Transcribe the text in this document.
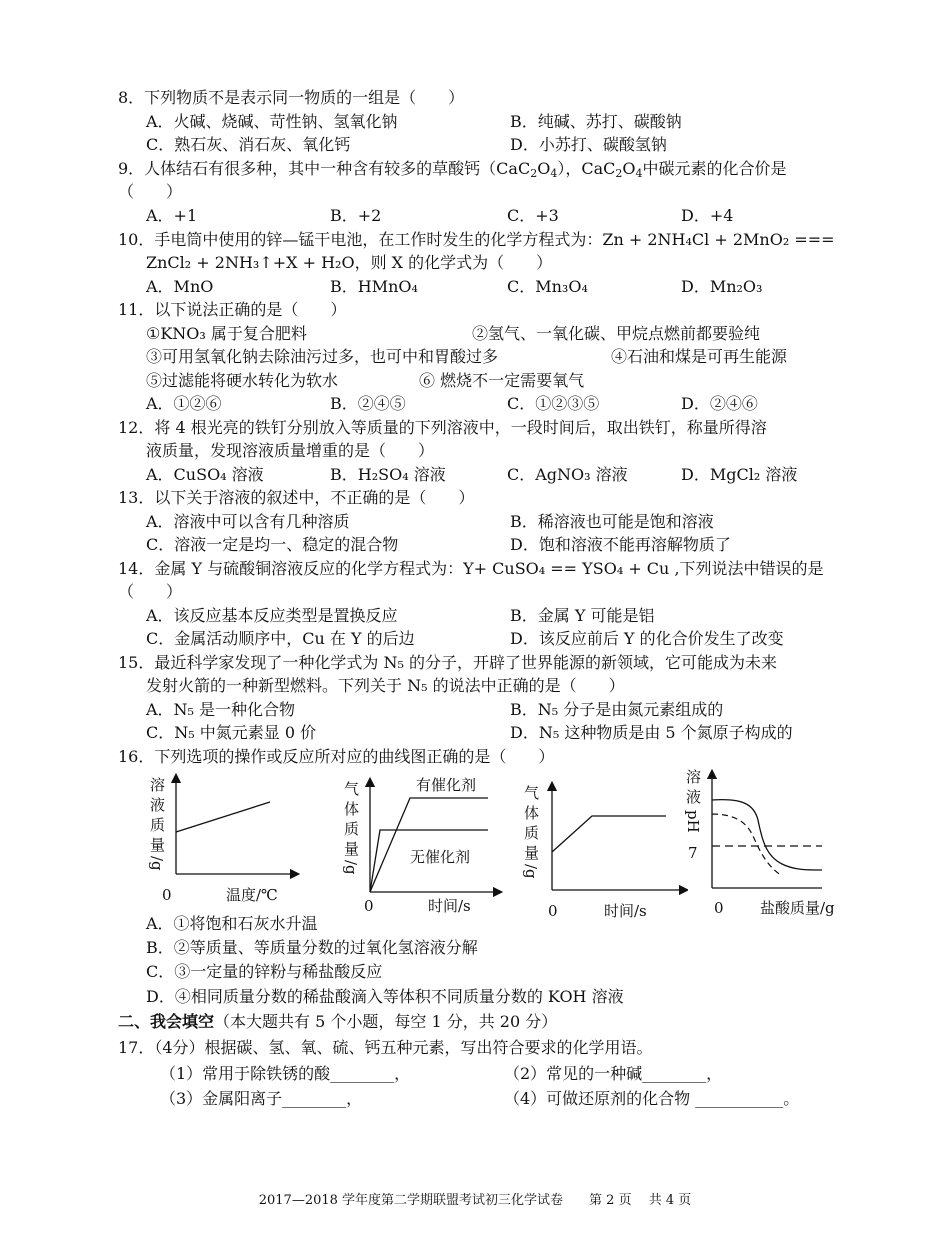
8．下列物质不是表示同一物质的一组是（　　）
A．火碱、烧碱、苛性钠、氢氧化钠	B．纯碱、苏打、碳酸钠
C．熟石灰、消石灰、氧化钙	D．小苏打、碳酸氢钠
9．人体结石有很多种，其中一种含有较多的草酸钙$(CaC_2O_4)$，$CaC_2O_4$中碳元素的化合价是
（　　）
A．+1	B．+2	C．+3	D．+4
10．手电筒中使用的锌—锰干电池，在工作时发生的化学方程式为：Zn + 2NH₄Cl + 2MnO₂ ===
ZnCl₂ + 2NH₃↑+X + H₂O，则 X 的化学式为（　　）
A．MnO	B．HMnO₄	C．Mn₃O₄	D．Mn₂O₃
11．以下说法正确的是（　　）
①KNO₃ 属于复合肥料	②氢气、一氧化碳、甲烷点燃前都要验纯
③可用氢氧化钠去除油污过多，也可中和胃酸过多	④石油和煤是可再生能源
⑤过滤能将硬水转化为软水	⑥ 燃烧不一定需要氧气
A．①②⑥	B．②④⑤	C．①②③⑤	D．②④⑥
12．将 4 根光亮的铁钉分别放入等质量的下列溶液中，一段时间后，取出铁钉，称量所得溶
液质量，发现溶液质量增重的是（　　）
A．CuSO₄ 溶液	B．H₂SO₄ 溶液	C．AgNO₃ 溶液	D．MgCl₂ 溶液
13．以下关于溶液的叙述中，不正确的是（　　）
A．溶液中可以含有几种溶质	B．稀溶液也可能是饱和溶液
C．溶液一定是均一、稳定的混合物	D．饱和溶液不能再溶解物质了
14．金属 Y 与硫酸铜溶液反应的化学方程式为：Y+ CuSO₄ == YSO₄ + Cu ,下列说法中错误的是
（　　）
A．该反应基本反应类型是置换反应	B．金属 Y 可能是铝
C．金属活动顺序中，Cu 在 Y 的后边	D．该反应前后 Y 的化合价发生了改变
15．最近科学家发现了一种化学式为 N₅ 的分子，开辟了世界能源的新领域，它可能成为未来
发射火箭的一种新型燃料。下列关于 N₅ 的说法中正确的是（　　）
A．N₅ 是一种化合物	B．N₅ 分子是由氮元素组成的
C．N₅ 中氮元素显 0 价	D．N₅ 这种物质是由 5 个氮原子构成的
16．下列选项的操作或反应所对应的曲线图正确的是（　　）
溶
液
质
量
/g
0	温度/℃
有催化剂
无催化剂
气
体
质
量
/g
0	时间/s
气
体
质
量
/g
0	时间/s
溶
液
pH
7
0 盐酸质量/g
A．①将饱和石灰水升温
B．②等质量、等质量分数的过氧化氢溶液分解
C．③一定量的锌粉与稀盐酸反应
D．④相同质量分数的稀盐酸滴入等体积不同质量分数的 KOH 溶液
二、我会填空（本大题共有 5 个小题，每空 1 分，共 20 分）
17．（4分）根据碳、氢、氧、硫、钙五种元素，写出符合要求的化学用语。
（1）常用于除铁锈的酸________，	（2）常见的一种碱________，
（3）金属阳离子________，	（4）可做还原剂的化合物 ___________。
2017—2018 学年度第二学期联盟考试初三化学试卷　　第 2 页　 共 4 页
